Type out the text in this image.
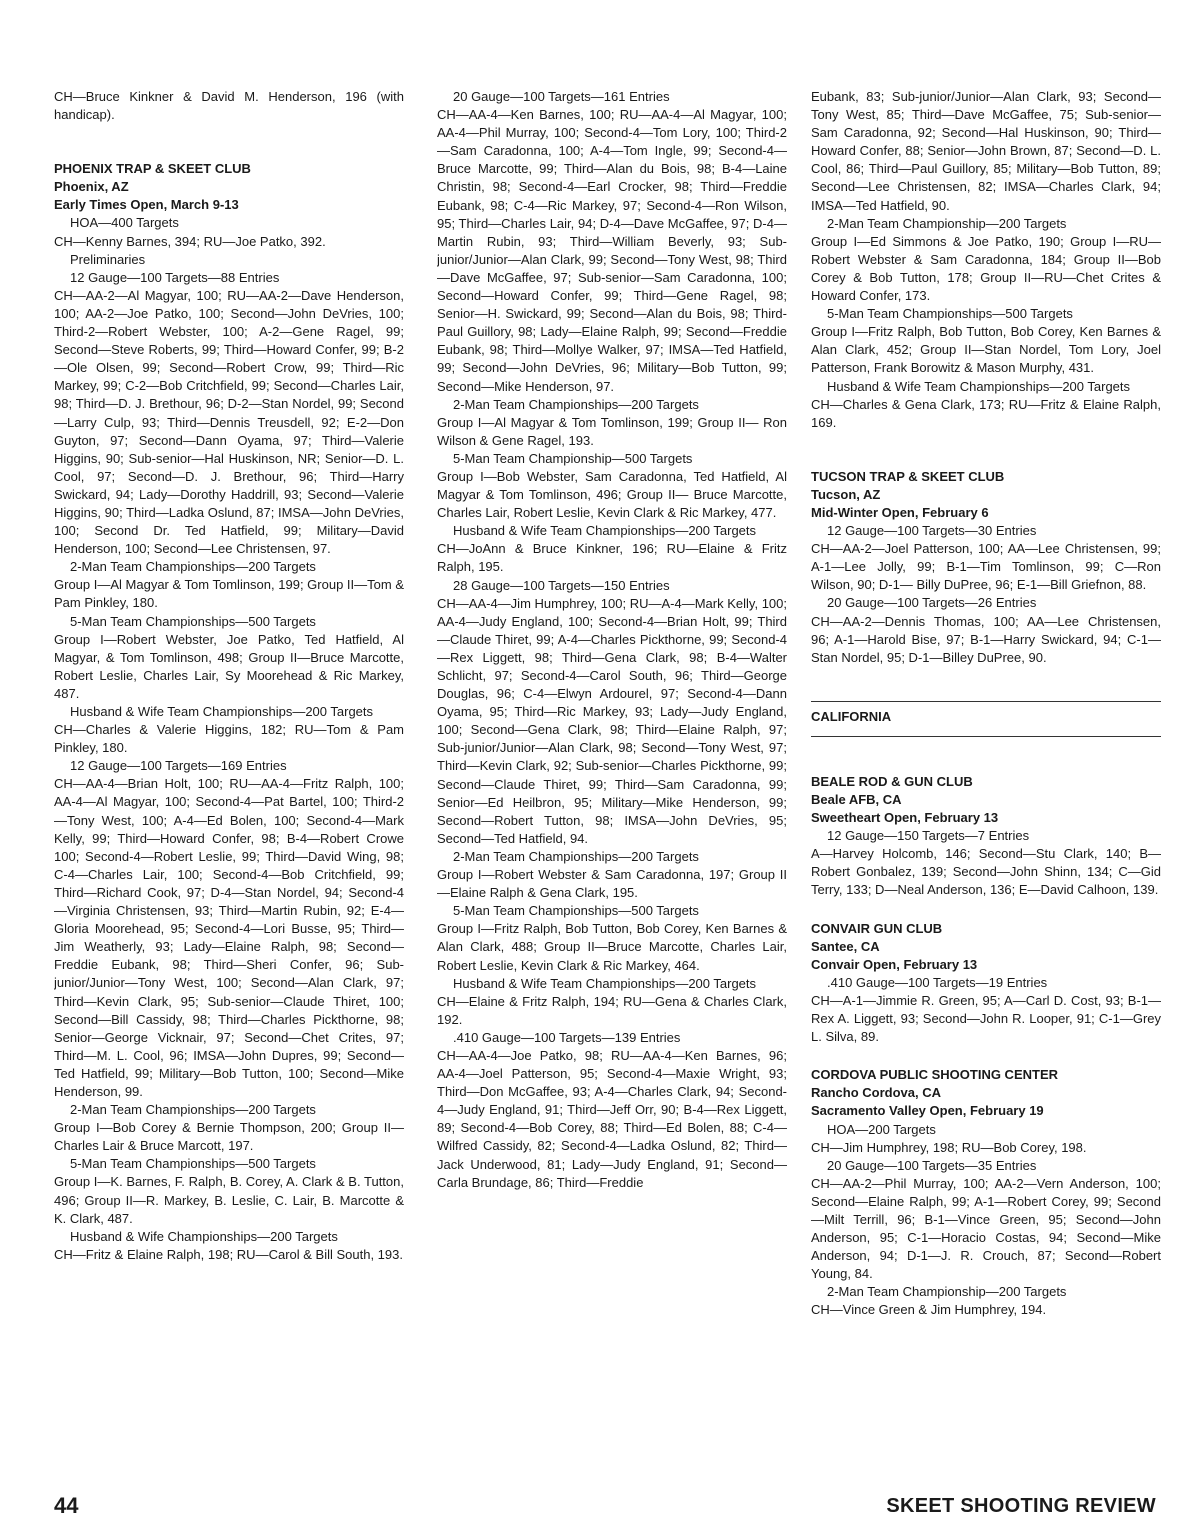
CH—Bruce Kinkner & David M. Henderson, 196 (with handicap).

PHOENIX TRAP & SKEET CLUB
Phoenix, AZ
Early Times Open, March 9-13

HOA—400 Targets

CH—Kenny Barnes, 394; RU—Joe Patko, 392.

Preliminaries

12 Gauge—100 Targets—88 Entries

CH—AA-2—Al Magyar, 100; RU—AA-2—Dave Henderson, 100; AA-2—Joe Patko, 100; Second—John DeVries, 100; Third-2—Robert Webster, 100; A-2—Gene Ragel, 99; Second—Steve Roberts, 99; Third—Howard Confer, 99; B-2—Ole Olsen, 99; Second—Robert Crow, 99; Third—Ric Markey, 99; C-2—Bob Critchfield, 99; Second—Charles Lair, 98; Third—D. J. Brethour, 96; D-2—Stan Nordel, 99; Second—Larry Culp, 93; Third—Dennis Treusdell, 92; E-2—Don Guyton, 97; Second—Dann Oyama, 97; Third—Valerie Higgins, 90; Sub-senior—Hal Huskinson, NR; Senior—D. L. Cool, 97; Second—D. J. Brethour, 96; Third—Harry Swickard, 94; Lady—Dorothy Haddrill, 93; Second—Valerie Higgins, 90; Third—Ladka Oslund, 87; IMSA—John DeVries, 100; Second Dr. Ted Hatfield, 99; Military—David Henderson, 100; Second—Lee Christensen, 97.

2-Man Team Championships—200 Targets

Group I—Al Magyar & Tom Tomlinson, 199; Group II—Tom & Pam Pinkley, 180.

5-Man Team Championships—500 Targets

Group I—Robert Webster, Joe Patko, Ted Hatfield, Al Magyar, & Tom Tomlinson, 498; Group II—Bruce Marcotte, Robert Leslie, Charles Lair, Sy Moorehead & Ric Markey, 487.

Husband & Wife Team Championships—200 Targets

CH—Charles & Valerie Higgins, 182; RU—Tom & Pam Pinkley, 180.

12 Gauge—100 Targets—169 Entries

CH—AA-4—Brian Holt, 100; RU—AA-4—Fritz Ralph, 100; AA-4—Al Magyar, 100; Second-4—Pat Bartel, 100; Third-2—Tony West, 100; A-4—Ed Bolen, 100; Second-4—Mark Kelly, 99; Third—Howard Confer, 98; B-4—Robert Crowe 100; Second-4—Robert Leslie, 99; Third—David Wing, 98; C-4—Charles Lair, 100; Second-4—Bob Critchfield, 99; Third—Richard Cook, 97; D-4—Stan Nordel, 94; Second-4—Virginia Christensen, 93; Third—Martin Rubin, 92; E-4—Gloria Moorehead, 95; Second-4—Lori Busse, 95; Third—Jim Weatherly, 93; Lady—Elaine Ralph, 98; Second—Freddie Eubank, 98; Third—Sheri Confer, 96; Sub-junior/Junior—Tony West, 100; Second—Alan Clark, 97; Third—Kevin Clark, 95; Sub-senior—Claude Thiret, 100; Second—Bill Cassidy, 98; Third—Charles Pickthorne, 98; Senior—George Vicknair, 97; Second—Chet Crites, 97; Third—M. L. Cool, 96; IMSA—John Dupres, 99; Second—Ted Hatfield, 99; Military—Bob Tutton, 100; Second—Mike Henderson, 99.

2-Man Team Championships—200 Targets

Group I—Bob Corey & Bernie Thompson, 200; Group II—Charles Lair & Bruce Marcott, 197.

5-Man Team Championships—500 Targets

Group I—K. Barnes, F. Ralph, B. Corey, A. Clark & B. Tutton, 496; Group II—R. Markey, B. Leslie, C. Lair, B. Marcotte & K. Clark, 487.

Husband & Wife Championships—200 Targets

CH—Fritz & Elaine Ralph, 198; RU—Carol & Bill South, 193.

20 Gauge—100 Targets—161 Entries

CH—AA-4—Ken Barnes, 100; RU—AA-4—Al Magyar, 100; AA-4—Phil Murray, 100; Second-4—Tom Lory, 100; Third-2—Sam Caradonna, 100; A-4—Tom Ingle, 99; Second-4—Bruce Marcotte, 99; Third—Alan du Bois, 98; B-4—Laine Christin, 98; Second-4—Earl Crocker, 98; Third—Freddie Eubank, 98; C-4—Ric Markey, 97; Second-4—Ron Wilson, 95; Third—Charles Lair, 94; D-4—Dave McGaffee, 97; D-4—Martin Rubin, 93; Third—William Beverly, 93; Sub-junior/Junior—Alan Clark, 99; Second—Tony West, 98; Third—Dave McGaffee, 97; Sub-senior—Sam Caradonna, 100; Second—Howard Confer, 99; Third—Gene Ragel, 98; Senior—H. Swickard, 99; Second—Alan du Bois, 98; Third-Paul Guillory, 98; Lady—Elaine Ralph, 99; Second—Freddie Eubank, 98; Third—Mollye Walker, 97; IMSA—Ted Hatfield, 99; Second—John DeVries, 96; Military—Bob Tutton, 99; Second—Mike Henderson, 97.

2-Man Team Championships—200 Targets

Group I—Al Magyar & Tom Tomlinson, 199; Group II— Ron Wilson & Gene Ragel, 193.

5-Man Team Championship—500 Targets

Group I—Bob Webster, Sam Caradonna, Ted Hatfield, Al Magyar & Tom Tomlinson, 496; Group II— Bruce Marcotte, Charles Lair, Robert Leslie, Kevin Clark & Ric Markey, 477.

Husband & Wife Team Championships—200 Targets

CH—JoAnn & Bruce Kinkner, 196; RU—Elaine & Fritz Ralph, 195.

28 Gauge—100 Targets—150 Entries

CH—AA-4—Jim Humphrey, 100; RU—A-4—Mark Kelly, 100; AA-4—Judy England, 100; Second-4—Brian Holt, 99; Third—Claude Thiret, 99; A-4—Charles Pickthorne, 99; Second-4—Rex Liggett, 98; Third—Gena Clark, 98; B-4—Walter Schlicht, 97; Second-4—Carol South, 96; Third—George Douglas, 96; C-4—Elwyn Ardourel, 97; Second-4—Dann Oyama, 95; Third—Ric Markey, 93; Lady—Judy England, 100; Second—Gena Clark, 98; Third—Elaine Ralph, 97; Sub-junior/Junior—Alan Clark, 98; Second—Tony West, 97; Third—Kevin Clark, 92; Sub-senior—Charles Pickthorne, 99; Second—Claude Thiret, 99; Third—Sam Caradonna, 99; Senior—Ed Heilbron, 95; Military—Mike Henderson, 99; Second—Robert Tutton, 98; IMSA—John DeVries, 95; Second—Ted Hatfield, 94.

2-Man Team Championships—200 Targets

Group I—Robert Webster & Sam Caradonna, 197; Group II—Elaine Ralph & Gena Clark, 195.

5-Man Team Championships—500 Targets

Group I—Fritz Ralph, Bob Tutton, Bob Corey, Ken Barnes & Alan Clark, 488; Group II—Bruce Marcotte, Charles Lair, Robert Leslie, Kevin Clark & Ric Markey, 464.

Husband & Wife Team Championships—200 Targets

CH—Elaine & Fritz Ralph, 194; RU—Gena & Charles Clark, 192.

.410 Gauge—100 Targets—139 Entries

CH—AA-4—Joe Patko, 98; RU—AA-4—Ken Barnes, 96; AA-4—Joel Patterson, 95; Second-4—Maxie Wright, 93; Third—Don McGaffee, 93; A-4—Charles Clark, 94; Second-4—Judy England, 91; Third—Jeff Orr, 90; B-4—Rex Liggett, 89; Second-4—Bob Corey, 88; Third—Ed Bolen, 88; C-4—Wilfred Cassidy, 82; Second-4—Ladka Oslund, 82; Third—Jack Underwood, 81; Lady—Judy England, 91; Second—Carla Brundage, 86; Third—Freddie

Eubank, 83; Sub-junior/Junior—Alan Clark, 93; Second—Tony West, 85; Third—Dave McGaffee, 75; Sub-senior—Sam Caradonna, 92; Second—Hal Huskinson, 90; Third—Howard Confer, 88; Senior—John Brown, 87; Second—D. L. Cool, 86; Third—Paul Guillory, 85; Military—Bob Tutton, 89; Second—Lee Christensen, 82; IMSA—Charles Clark, 94; IMSA—Ted Hatfield, 90.

2-Man Team Championship—200 Targets

Group I—Ed Simmons & Joe Patko, 190; Group I—RU—Robert Webster & Sam Caradonna, 184; Group II—Bob Corey & Bob Tutton, 178; Group II—RU—Chet Crites & Howard Confer, 173.

5-Man Team Championships—500 Targets

Group I—Fritz Ralph, Bob Tutton, Bob Corey, Ken Barnes & Alan Clark, 452; Group II—Stan Nordel, Tom Lory, Joel Patterson, Frank Borowitz & Mason Murphy, 431.

Husband & Wife Team Championships—200 Targets

CH—Charles & Gena Clark, 173; RU—Fritz & Elaine Ralph, 169.

TUCSON TRAP & SKEET CLUB
Tucson, AZ
Mid-Winter Open, February 6

12 Gauge—100 Targets—30 Entries

CH—AA-2—Joel Patterson, 100; AA—Lee Christensen, 99; A-1—Lee Jolly, 99; B-1—Tim Tomlinson, 99; C—Ron Wilson, 90; D-1— Billy DuPree, 96; E-1—Bill Griefnon, 88.

20 Gauge—100 Targets—26 Entries

CH—AA-2—Dennis Thomas, 100; AA—Lee Christensen, 96; A-1—Harold Bise, 97; B-1—Harry Swickard, 94; C-1—Stan Nordel, 95; D-1—Billey DuPree, 90.

CALIFORNIA
BEALE ROD & GUN CLUB
Beale AFB, CA
Sweetheart Open, February 13

12 Gauge—150 Targets—7 Entries

A—Harvey Holcomb, 146; Second—Stu Clark, 140; B—Robert Gonbalez, 139; Second—John Shinn, 134; C—Gid Terry, 133; D—Neal Anderson, 136; E—David Calhoon, 139.

CONVAIR GUN CLUB
Santee, CA
Convair Open, February 13

.410 Gauge—100 Targets—19 Entries

CH—A-1—Jimmie R. Green, 95; A—Carl D. Cost, 93; B-1—Rex A. Liggett, 93; Second—John R. Looper, 91; C-1—Grey L. Silva, 89.

CORDOVA PUBLIC SHOOTING CENTER
Rancho Cordova, CA
Sacramento Valley Open, February 19

HOA—200 Targets

CH—Jim Humphrey, 198; RU—Bob Corey, 198.

20 Gauge—100 Targets—35 Entries

CH—AA-2—Phil Murray, 100; AA-2—Vern Anderson, 100; Second—Elaine Ralph, 99; A-1—Robert Corey, 99; Second—Milt Terrill, 96; B-1—Vince Green, 95; Second—John Anderson, 95; C-1—Horacio Costas, 94; Second—Mike Anderson, 94; D-1—J. R. Crouch, 87; Second—Robert Young, 84.

2-Man Team Championship—200 Targets

CH—Vince Green & Jim Humphrey, 194.

44	SKEET SHOOTING REVIEW
